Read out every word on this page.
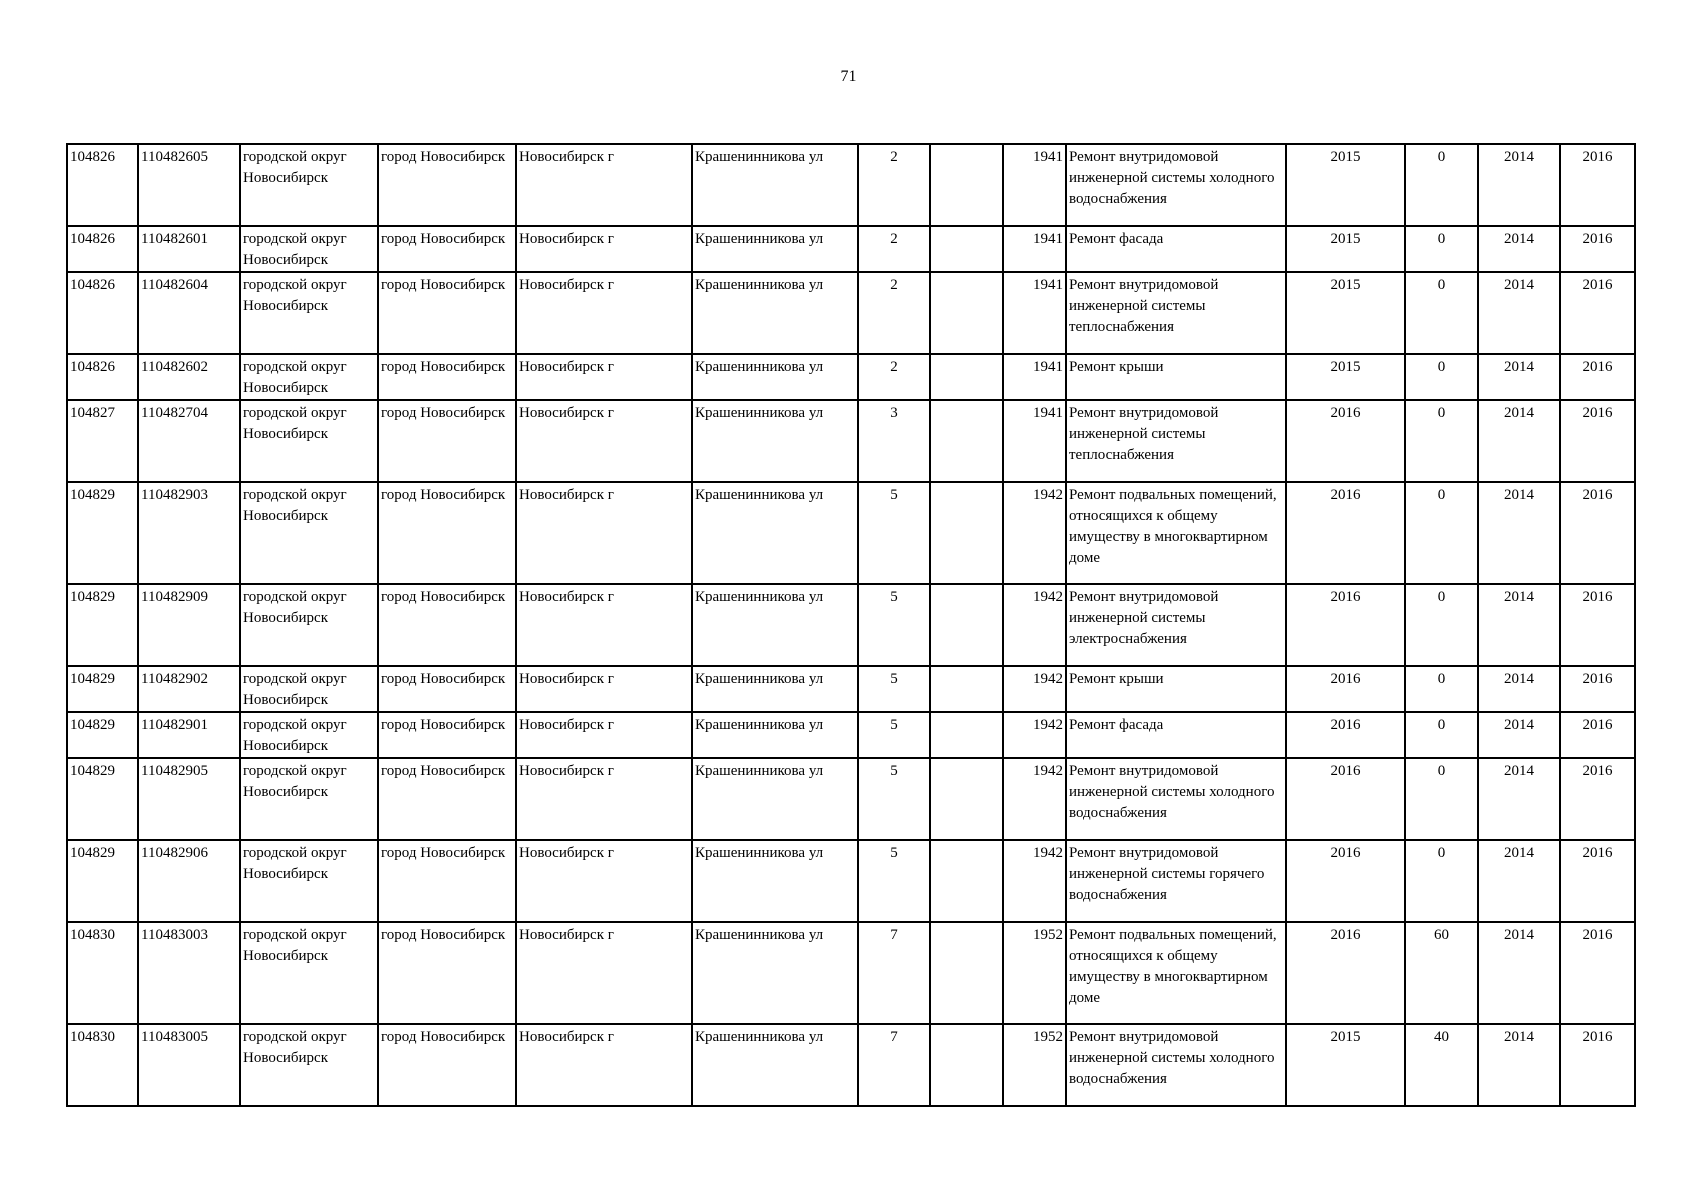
71
104826	110482605	городской округ Новосибирск	город Новосибирск	Новосибирск г	Крашенинникова ул	2		1941	Ремонт внутридомовой инженерной системы холодного водоснабжения	2015	0	2014	2016
104826	110482601	городской округ Новосибирск	город Новосибирск	Новосибирск г	Крашенинникова ул	2		1941	Ремонт фасада	2015	0	2014	2016
104826	110482604	городской округ Новосибирск	город Новосибирск	Новосибирск г	Крашенинникова ул	2		1941	Ремонт внутридомовой инженерной системы теплоснабжения	2015	0	2014	2016
104826	110482602	городской округ Новосибирск	город Новосибирск	Новосибирск г	Крашенинникова ул	2		1941	Ремонт крыши	2015	0	2014	2016
104827	110482704	городской округ Новосибирск	город Новосибирск	Новосибирск г	Крашенинникова ул	3		1941	Ремонт внутридомовой инженерной системы теплоснабжения	2016	0	2014	2016
104829	110482903	городской округ Новосибирск	город Новосибирск	Новосибирск г	Крашенинникова ул	5		1942	Ремонт подвальных помещений, относящихся к общему имуществу в многоквартирном доме	2016	0	2014	2016
104829	110482909	городской округ Новосибирск	город Новосибирск	Новосибирск г	Крашенинникова ул	5		1942	Ремонт внутридомовой инженерной системы электроснабжения	2016	0	2014	2016
104829	110482902	городской округ Новосибирск	город Новосибирск	Новосибирск г	Крашенинникова ул	5		1942	Ремонт крыши	2016	0	2014	2016
104829	110482901	городской округ Новосибирск	город Новосибирск	Новосибирск г	Крашенинникова ул	5		1942	Ремонт фасада	2016	0	2014	2016
104829	110482905	городской округ Новосибирск	город Новосибирск	Новосибирск г	Крашенинникова ул	5		1942	Ремонт внутридомовой инженерной системы холодного водоснабжения	2016	0	2014	2016
104829	110482906	городской округ Новосибирск	город Новосибирск	Новосибирск г	Крашенинникова ул	5		1942	Ремонт внутридомовой инженерной системы горячего водоснабжения	2016	0	2014	2016
104830	110483003	городской округ Новосибирск	город Новосибирск	Новосибирск г	Крашенинникова ул	7		1952	Ремонт подвальных помещений, относящихся к общему имуществу в многоквартирном доме	2016	60	2014	2016
104830	110483005	городской округ Новосибирск	город Новосибирск	Новосибирск г	Крашенинникова ул	7		1952	Ремонт внутридомовой инженерной системы холодного водоснабжения	2015	40	2014	2016
